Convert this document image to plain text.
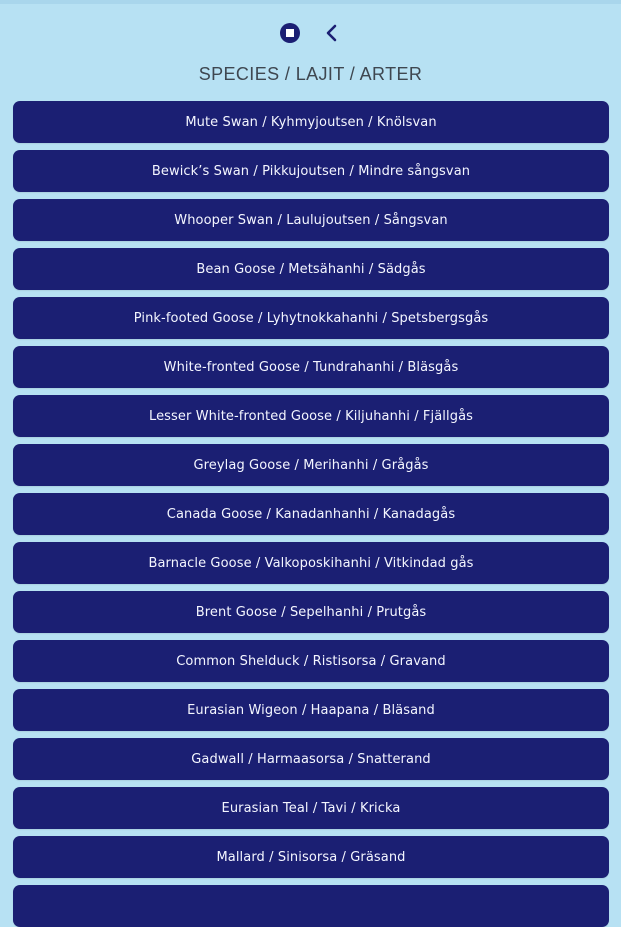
SPECIES / LAJIT / ARTER
Mute Swan / Kyhmyjoutsen / Knölsvan
Bewick’s Swan / Pikkujoutsen / Mindre sångsvan
Whooper Swan / Laulujoutsen / Sångsvan
Bean Goose / Metsähanhi / Sädgås
Pink-footed Goose / Lyhytnokkahanhi / Spetsbergsgås
White-fronted Goose / Tundrahanhi / Bläsgås
Lesser White-fronted Goose / Kiljuhanhi / Fjällgås
Greylag Goose / Merihanhi / Grågås
Canada Goose / Kanadanhanhi / Kanadagås
Barnacle Goose / Valkoposkihanhi / Vitkindad gås
Brent Goose / Sepelhanhi / Prutgås
Common Shelduck / Ristisorsa / Gravand
Eurasian Wigeon / Haapana / Bläsand
Gadwall / Harmaasorsa / Snatterand
Eurasian Teal / Tavi / Kricka
Mallard / Sinisorsa / Gräsand
